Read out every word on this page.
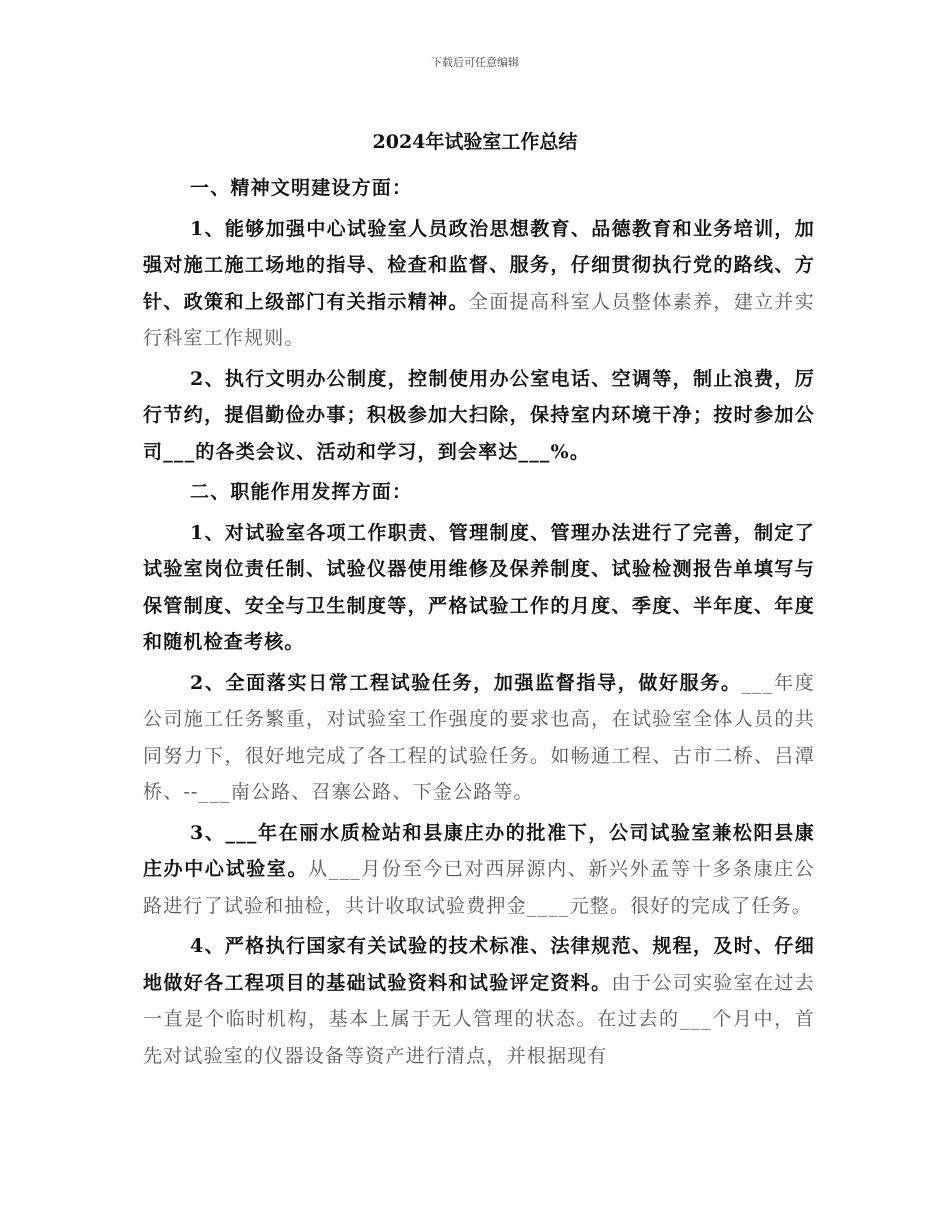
下载后可任意编辑
2024年试验室工作总结

一、精神文明建设方面：

1、能够加强中心试验室人员政治思想教育、品德教育和业务培训，加强对施工施工场地的指导、检查和监督、服务，仔细贯彻执行党的路线、方针、政策和上级部门有关指示精神。全面提高科室人员整体素养，建立并实行科室工作规则。

2、执行文明办公制度，控制使用办公室电话、空调等，制止浪费，厉行节约，提倡勤俭办事；积极参加大扫除，保持室内环境干净；按时参加公司___的各类会议、活动和学习，到会率达___%。

二、职能作用发挥方面：

1、对试验室各项工作职责、管理制度、管理办法进行了完善，制定了试验室岗位责任制、试验仪器使用维修及保养制度、试验检测报告单填写与保管制度、安全与卫生制度等，严格试验工作的月度、季度、半年度、年度和随机检查考核。

2、全面落实日常工程试验任务，加强监督指导，做好服务。___年度公司施工任务繁重，对试验室工作强度的要求也高，在试验室全体人员的共同努力下，很好地完成了各工程的试验任务。如畅通工程、古市二桥、吕潭桥、--___南公路、召寨公路、下金公路等。

3、___年在丽水质检站和县康庄办的批准下，公司试验室兼松阳县康庄办中心试验室。从___月份至今已对西屏源内、新兴外孟等十多条康庄公路进行了试验和抽检，共计收取试验费押金____元整。很好的完成了任务。

4、严格执行国家有关试验的技术标准、法律规范、规程，及时、仔细地做好各工程项目的基础试验资料和试验评定资料。由于公司实验室在过去一直是个临时机构，基本上属于无人管理的状态。在过去的___个月中，首先对试验室的仪器设备等资产进行清点，并根据现有
